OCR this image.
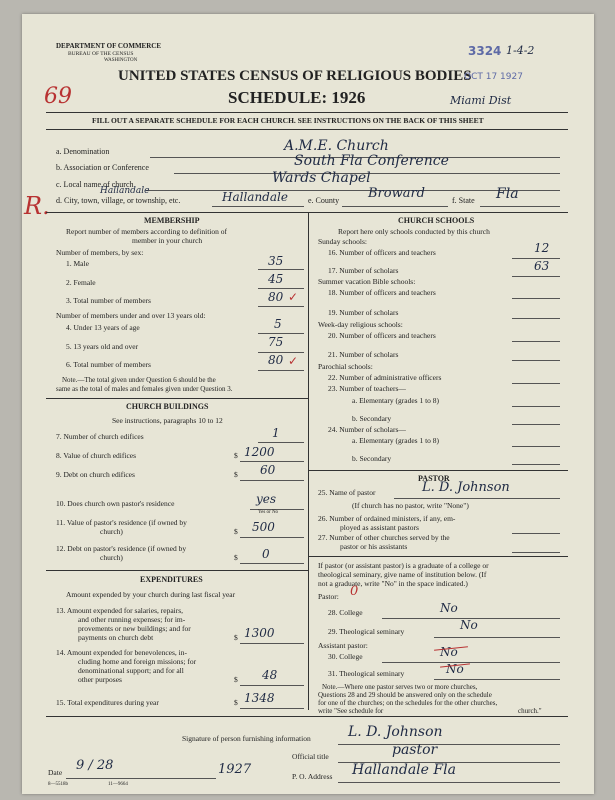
DEPARTMENT OF COMMERCE
BUREAU OF THE CENSUS
WASHINGTON
UNITED STATES CENSUS OF RELIGIOUS BODIES
SCHEDULE: 1926
FILL OUT A SEPARATE SCHEDULE FOR EACH CHURCH. SEE INSTRUCTIONS ON THE BACK OF THIS SHEET
3324 1-4-2
OCT 17 1927
Miami Dist
69
R.
a. Denomination	A.M.E. Church
b. Association or Conference	South Fla Conference
c. Local name of church	Wards Chapel
Hallandale
d. City, town, village, or township, etc.	Hallandale	e. County Broward	f. State Fla
MEMBERSHIP
Report number of members according to definition of
member in your church
Number of members, by sex:
1. Male	35
2. Female	45
3. Total number of members	80 ✓
Number of members under and over 13 years old:
4. Under 13 years of age	5
5. 13 years old and over	75
6. Total number of members	80 ✓
Note.—The total given under Question 6 should be the
same as the total of males and females given under Question 3.
CHURCH BUILDINGS
See instructions, paragraphs 10 to 12
7. Number of church edifices	1
8. Value of church edifices	$ 1200
9. Debt on church edifices	$ 60
10. Does church own pastor's residence	yes
Yes or No
11. Value of pastor's residence (if owned by
church)	$ 500
12. Debt on pastor's residence (if owned by
church)	$ 0
EXPENDITURES
Amount expended by your church during last fiscal year
13. Amount expended for salaries, repairs,
and other running expenses; for im-
provements or new buildings; and for
payments on church debt	$ 1300
14. Amount expended for benevolences, in-
cluding home and foreign missions; for
denominational support; and for all
other purposes	$ 48
15. Total expenditures during year	$ 1348
CHURCH SCHOOLS
Report here only schools conducted by this church
Sunday schools:
16. Number of officers and teachers	12
17. Number of scholars	63
Summer vacation Bible schools:
18. Number of officers and teachers
19. Number of scholars
Week-day religious schools:
20. Number of officers and teachers
21. Number of scholars
Parochial schools:
22. Number of administrative officers
23. Number of teachers—
a. Elementary (grades 1 to 8)
b. Secondary
24. Number of scholars—
a. Elementary (grades 1 to 8)
b. Secondary
PASTOR
25. Name of pastor	L. D. Johnson
(If church has no pastor, write "None")
26. Number of ordained ministers, if any, em-
ployed as assistant pastors
27. Number of other churches served by the
pastor or his assistants
If pastor (or assistant pastor) is a graduate of a college or
theological seminary, give name of institution below. (If
not a graduate, write "No" in the space indicated.)
Pastor: 0
28. College	No
29. Theological seminary	No
Assistant pastor:
30. College	No
31. Theological seminary	No
Note.—Where one pastor serves two or more churches,
Questions 28 and 29 should be answered only on the schedule
for one of the churches; on the schedules for the other churches,
write "See schedule for	church."
Signature of person furnishing information	L. D. Johnson
Official title	pastor
Date 9 / 28	1927	P. O. Address Hallandale Fla
8—5518b	11—9664
